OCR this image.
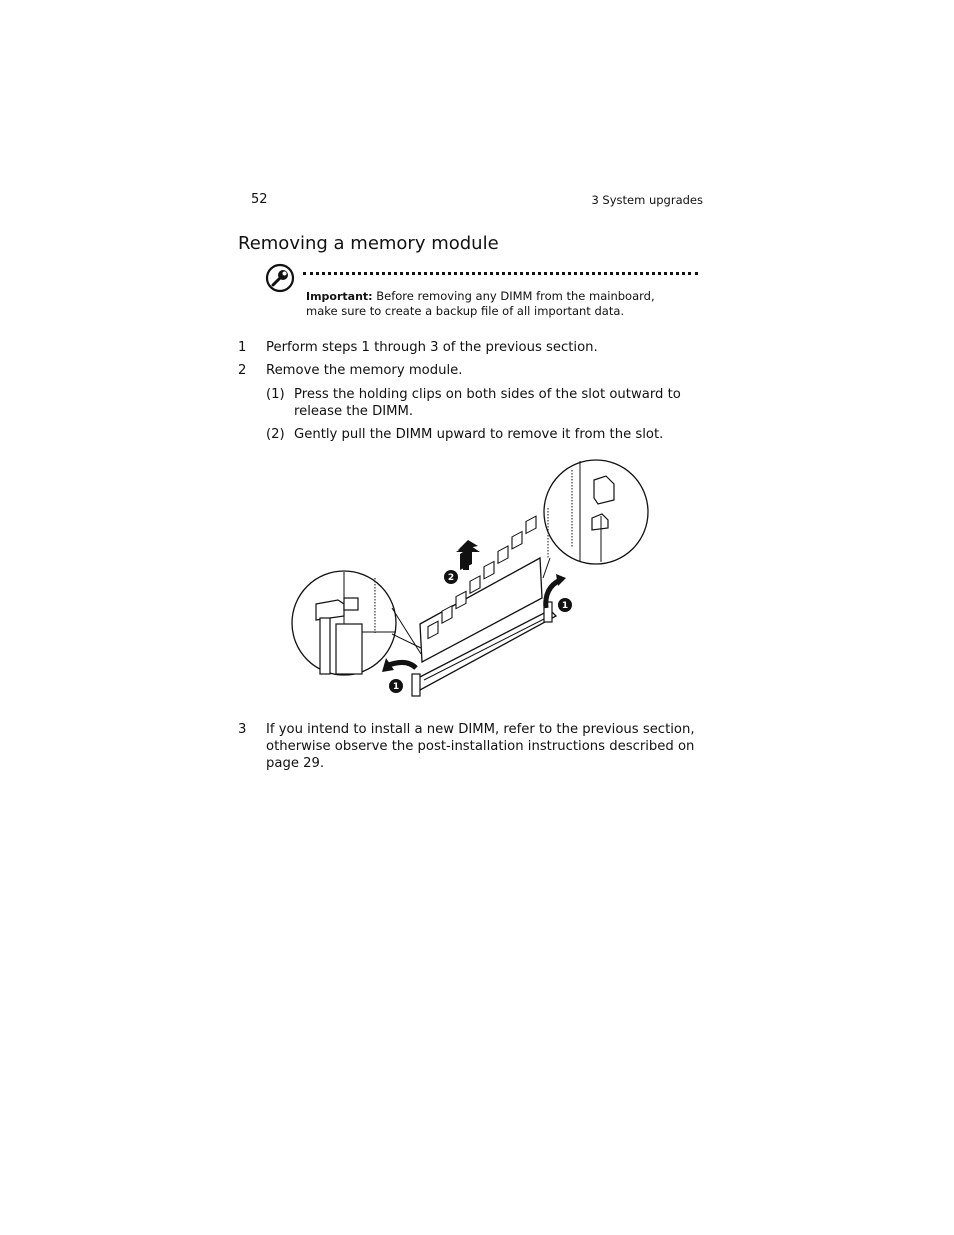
52	3 System upgrades
Removing a memory module
Important: Before removing any DIMM from the mainboard,
make sure to create a backup file of all important data.
1 Perform steps 1 through 3 of the previous section.
2 Remove the memory module.
(1) Press the holding clips on both sides of the slot outward to
release the DIMM.
(2) Gently pull the DIMM upward to remove it from the slot.
1
2
1
3 If you intend to install a new DIMM, refer to the previous section,
otherwise observe the post-installation instructions described on
page 29.
